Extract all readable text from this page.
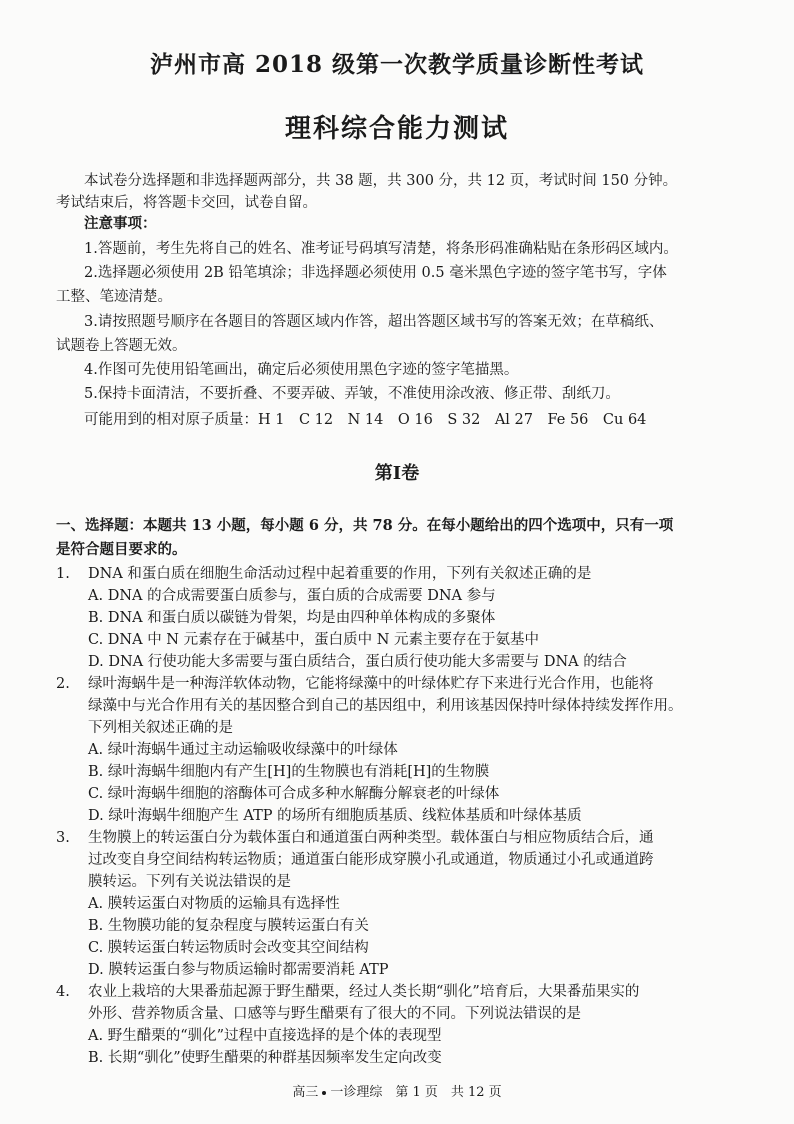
泸州市高 2018 级第一次教学质量诊断性考试
理科综合能力测试
本试卷分选择题和非选择题两部分，共 38 题，共 300 分，共 12 页，考试时间 150 分钟。
考试结束后，将答题卡交回，试卷自留。
注意事项：
1.答题前，考生先将自己的姓名、准考证号码填写清楚，将条形码准确粘贴在条形码区域内。
2.选择题必须使用 2B 铅笔填涂；非选择题必须使用 0.5 毫米黑色字迹的签字笔书写，字体
工整、笔迹清楚。
3.请按照题号顺序在各题目的答题区域内作答，超出答题区域书写的答案无效；在草稿纸、
试题卷上答题无效。
4.作图可先使用铅笔画出，确定后必须使用黑色字迹的签字笔描黑。
5.保持卡面清洁，不要折叠、不要弄破、弄皱，不准使用涂改液、修正带、刮纸刀。
可能用到的相对原子质量：H 1　C 12　N 14　O 16　S 32　Al 27　Fe 56　Cu 64
第Ⅰ卷
一、选择题：本题共 13 小题，每小题 6 分，共 78 分。在每小题给出的四个选项中，只有一项
是符合题目要求的。
1. DNA 和蛋白质在细胞生命活动过程中起着重要的作用，下列有关叙述正确的是
A. DNA 的合成需要蛋白质参与，蛋白质的合成需要 DNA 参与
B. DNA 和蛋白质以碳链为骨架，均是由四种单体构成的多聚体
C. DNA 中 N 元素存在于碱基中，蛋白质中 N 元素主要存在于氨基中
D. DNA 行使功能大多需要与蛋白质结合，蛋白质行使功能大多需要与 DNA 的结合
2. 绿叶海蜗牛是一种海洋软体动物，它能将绿藻中的叶绿体贮存下来进行光合作用，也能将
绿藻中与光合作用有关的基因整合到自己的基因组中，利用该基因保持叶绿体持续发挥作用。
下列相关叙述正确的是
A. 绿叶海蜗牛通过主动运输吸收绿藻中的叶绿体
B. 绿叶海蜗牛细胞内有产生[H]的生物膜也有消耗[H]的生物膜
C. 绿叶海蜗牛细胞的溶酶体可合成多种水解酶分解衰老的叶绿体
D. 绿叶海蜗牛细胞产生 ATP 的场所有细胞质基质、线粒体基质和叶绿体基质
3. 生物膜上的转运蛋白分为载体蛋白和通道蛋白两种类型。载体蛋白与相应物质结合后，通
过改变自身空间结构转运物质；通道蛋白能形成穿膜小孔或通道，物质通过小孔或通道跨
膜转运。下列有关说法错误的是
A. 膜转运蛋白对物质的运输具有选择性
B. 生物膜功能的复杂程度与膜转运蛋白有关
C. 膜转运蛋白转运物质时会改变其空间结构
D. 膜转运蛋白参与物质运输时都需要消耗 ATP
4. 农业上栽培的大果番茄起源于野生醋栗，经过人类长期“驯化”培育后，大果番茄果实的
外形、营养物质含量、口感等与野生醋栗有了很大的不同。下列说法错误的是
A. 野生醋栗的“驯化”过程中直接选择的是个体的表现型
B. 长期“驯化”使野生醋栗的种群基因频率发生定向改变
高三 一诊理综　第 1 页　共 12 页
